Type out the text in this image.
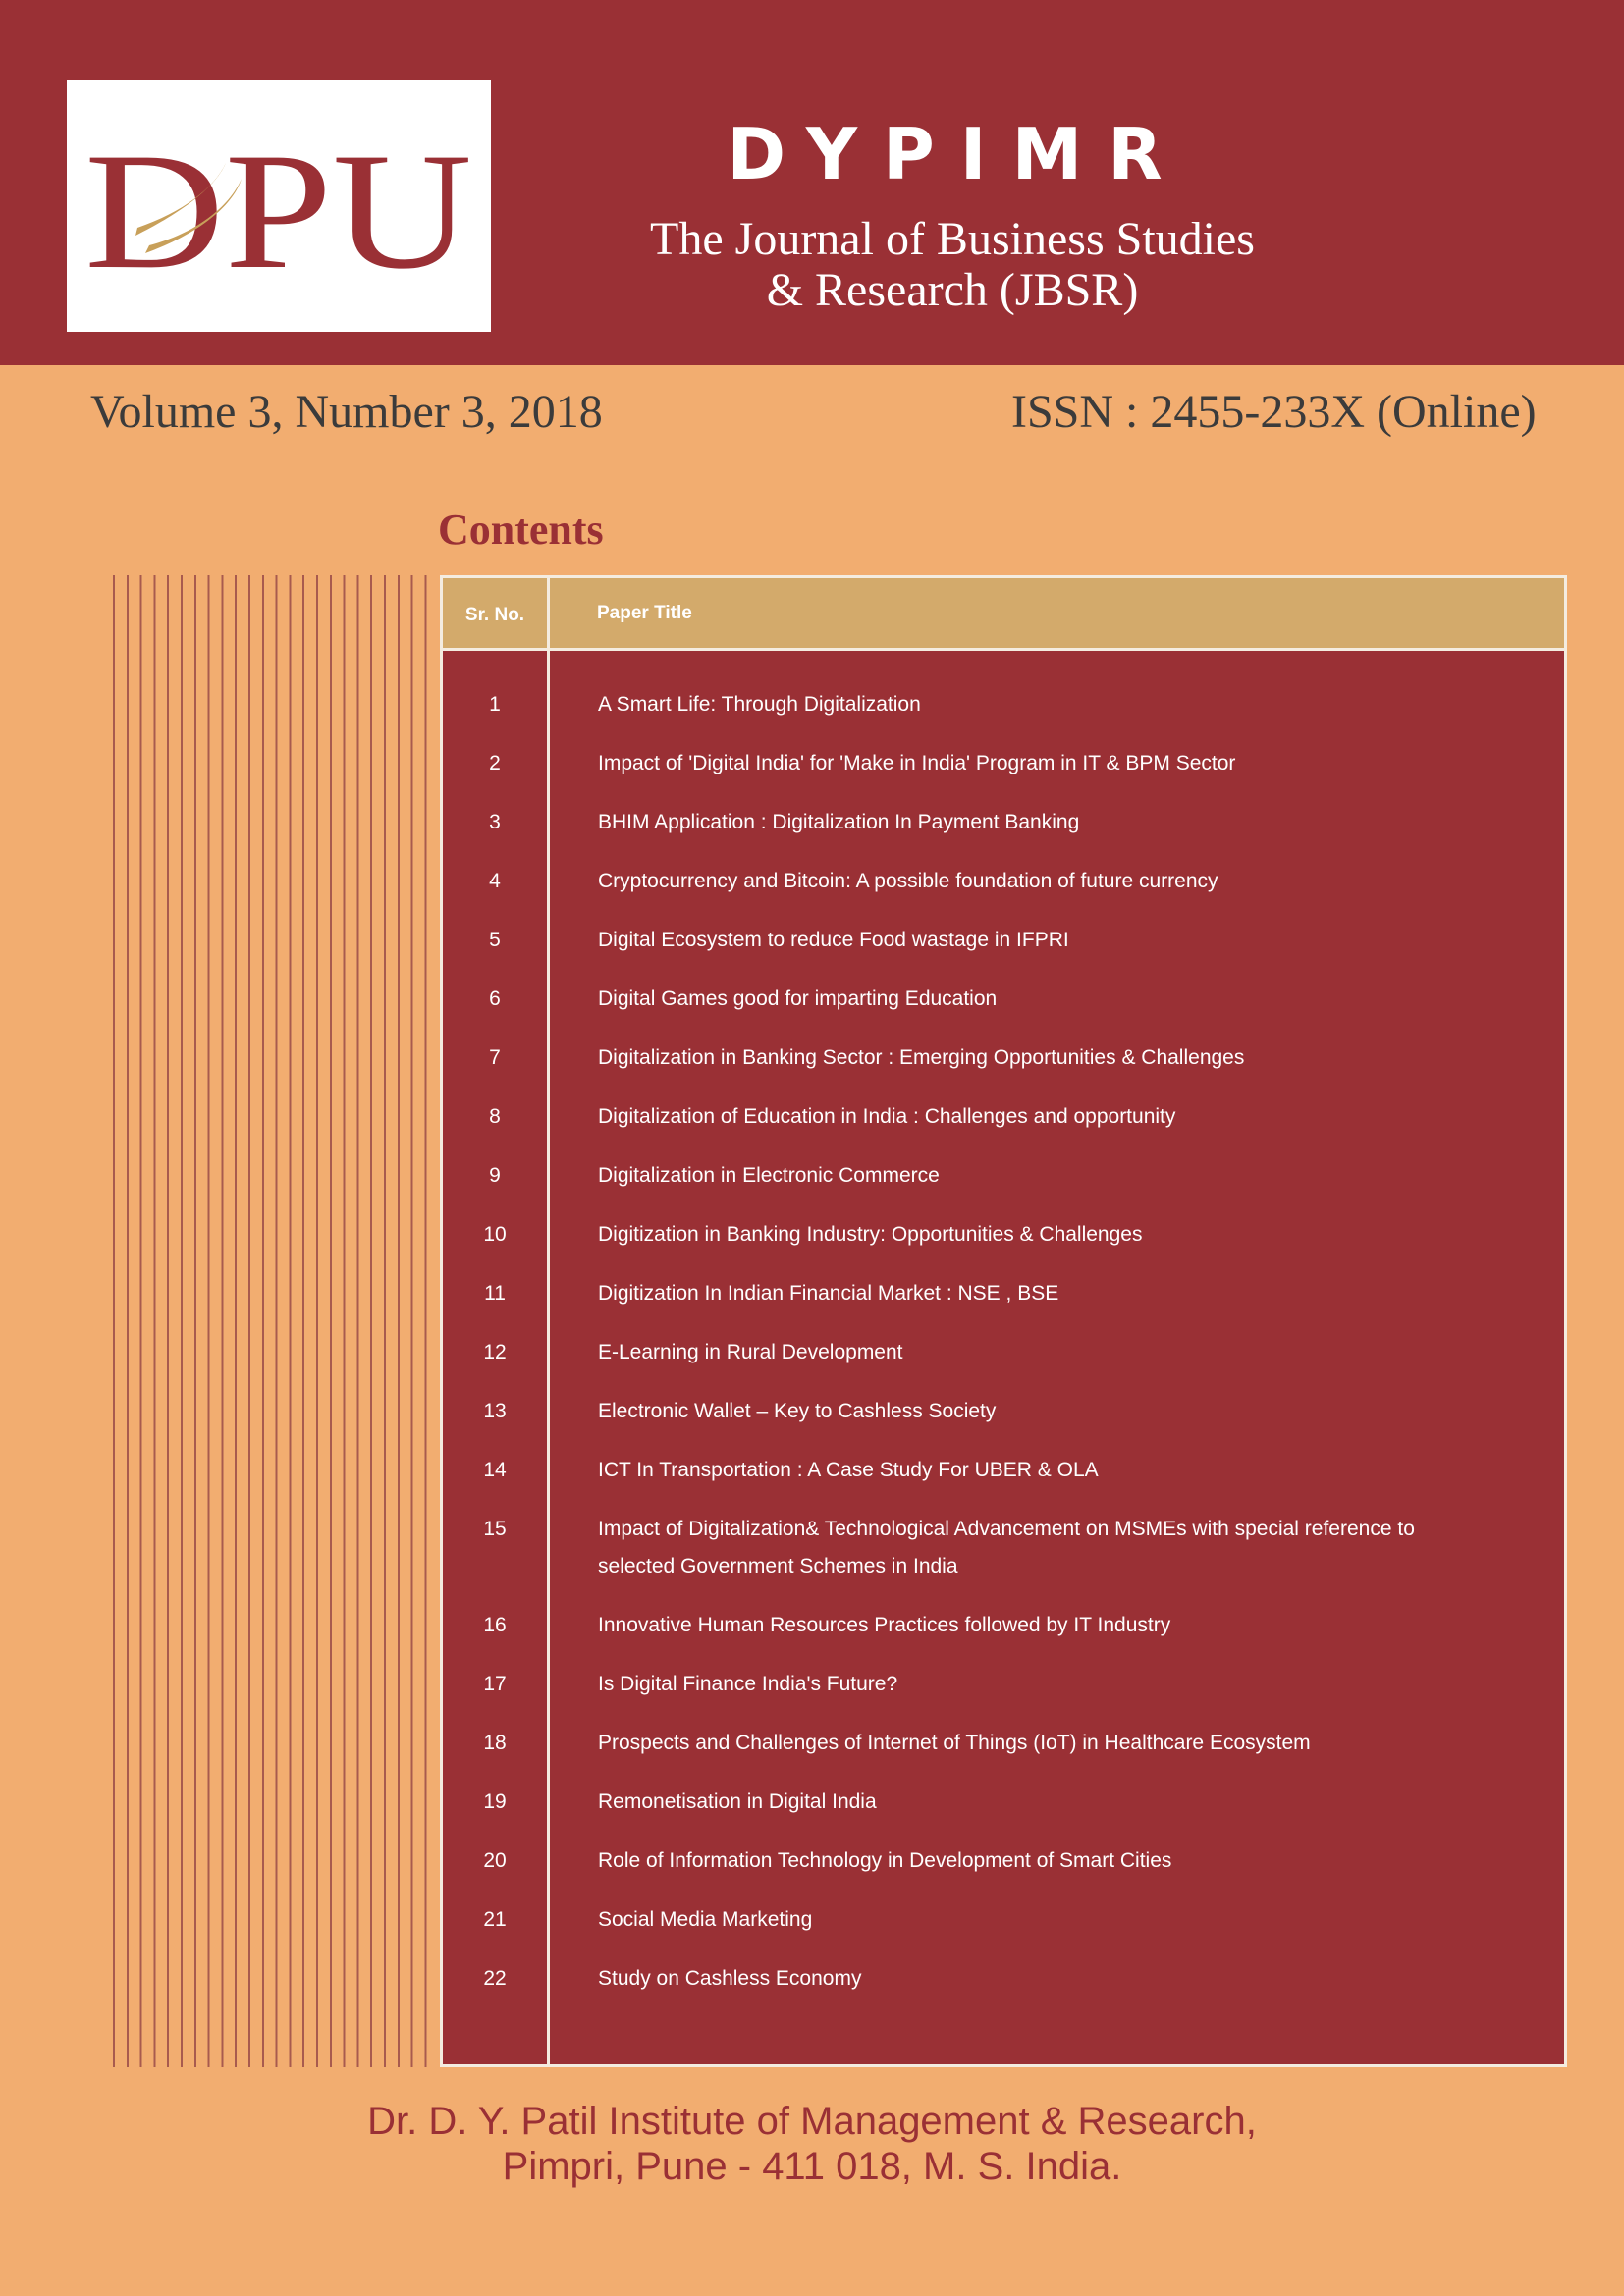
DPU	DYPIMR
The Journal of Business Studies
& Research (JBSR)
Volume 3, Number 3, 2018	ISSN : 2455-233X (Online)
Contents
Sr. No.	Paper Title
1	A Smart Life: Through Digitalization
2	Impact of 'Digital India' for 'Make in India' Program in IT & BPM Sector
3	BHIM Application : Digitalization In Payment Banking
4	Cryptocurrency and Bitcoin: A possible foundation of future currency
5	Digital Ecosystem to reduce Food wastage in IFPRI
6	Digital Games good for imparting Education
7	Digitalization in Banking Sector : Emerging Opportunities & Challenges
8	Digitalization of Education in India : Challenges and opportunity
9	Digitalization in Electronic Commerce
10	Digitization in Banking Industry: Opportunities & Challenges
11	Digitization In Indian Financial Market : NSE , BSE
12	E-Learning in Rural Development
13	Electronic Wallet – Key to Cashless Society
14	ICT In Transportation : A Case Study For UBER & OLA
15	Impact of Digitalization& Technological Advancement on MSMEs with special reference to
selected Government Schemes in India
16	Innovative Human Resources Practices followed by IT Industry
17	Is Digital Finance India's Future?
18	Prospects and Challenges of Internet of Things (IoT) in Healthcare Ecosystem
19	Remonetisation in Digital India
20	Role of Information Technology in Development of Smart Cities
21	Social Media Marketing
22	Study on Cashless Economy
Dr. D. Y. Patil Institute of Management & Research,
Pimpri, Pune - 411 018, M. S. India.
